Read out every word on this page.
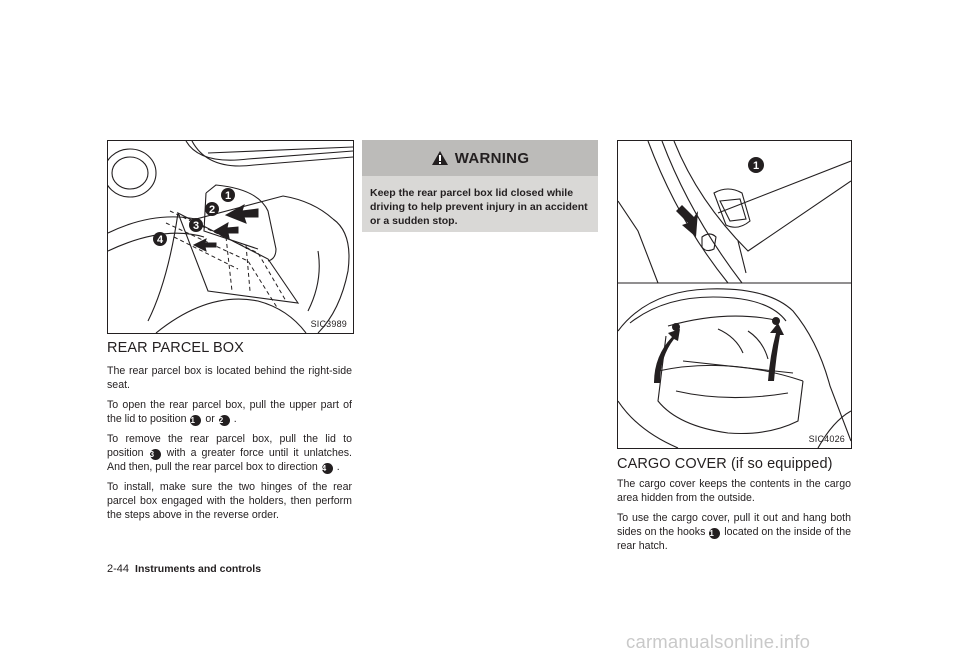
1
2
3
4
SIC3989
REAR PARCEL BOX

The rear parcel box is located behind the right-side seat.

To open the rear parcel box, pull the upper part of the lid to position 1 or 2 .

To remove the rear parcel box, pull the lid to position 3 with a greater force until it unlatches. And then, pull the rear parcel box to direction 4 .

To install, make sure the two hinges of the rear parcel box engaged with the holders, then perform the steps above in the reverse order.

WARNING
Keep the rear parcel box lid closed while driving to help prevent injury in an accident or a sudden stop.
1
SIC4026
CARGO COVER (if so equipped)

The cargo cover keeps the contents in the cargo area hidden from the outside.

To use the cargo cover, pull it out and hang both sides on the hooks 1 located on the inside of the rear hatch.

2-44 Instruments and controls
carmanualsonline.info
